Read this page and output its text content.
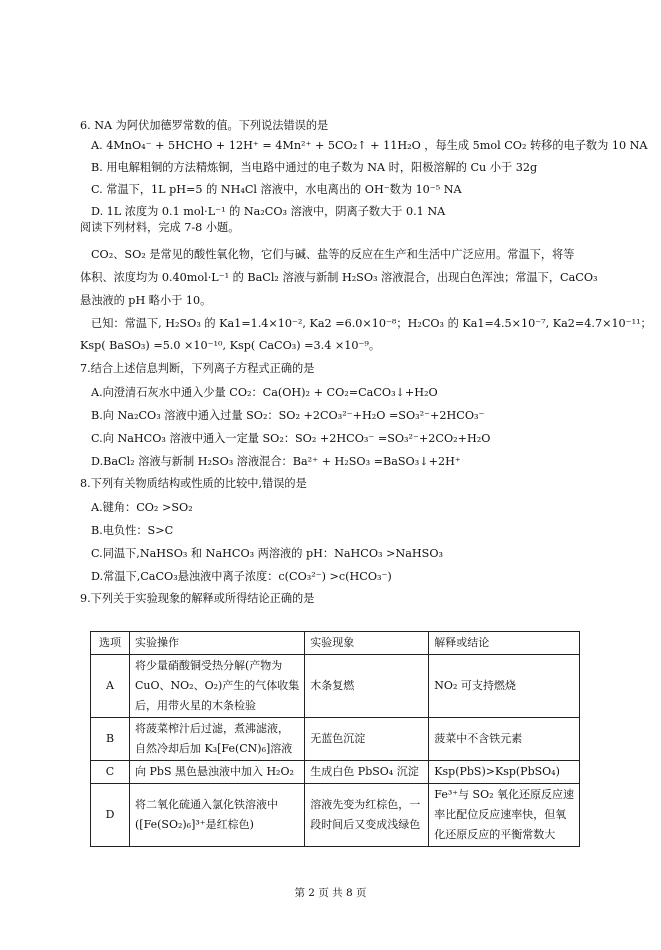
6. NA 为阿伏加德罗常数的值。下列说法错误的是
A. 4MnO₄⁻ + 5HCHO + 12H⁺ = 4Mn²⁺ + 5CO₂↑ + 11H₂O ，每生成 5mol CO₂ 转移的电子数为 10 NA
B. 用电解粗铜的方法精炼铜，当电路中通过的电子数为 NA 时，阳极溶解的 Cu 小于 32g
C. 常温下，1L pH=5 的 NH₄Cl 溶液中，水电离出的 OH⁻数为 10⁻⁵ NA
D. 1L 浓度为 0.1 mol·L⁻¹ 的 Na₂CO₃ 溶液中，阴离子数大于 0.1 NA
阅读下列材料，完成 7-8 小题。
CO₂、SO₂ 是常见的酸性氧化物，它们与碱、盐等的反应在生产和生活中广泛应用。常温下，将等
体积、浓度均为 0.40mol·L⁻¹ 的 BaCl₂ 溶液与新制 H₂SO₃ 溶液混合，出现白色浑浊；常温下，CaCO₃
悬浊液的 pH 略小于 10。
已知：常温下, H₂SO₃ 的 Ka1=1.4×10⁻², Ka2 =6.0×10⁻⁸；H₂CO₃ 的 Ka1=4.5×10⁻⁷, Ka2=4.7×10⁻¹¹；
Ksp( BaSO₃) =5.0 ×10⁻¹⁰, Ksp( CaCO₃) =3.4 ×10⁻⁹。
7.结合上述信息判断，下列离子方程式正确的是
A.向澄清石灰水中通入少量 CO₂：Ca(OH)₂ + CO₂=CaCO₃↓+H₂O
B.向 Na₂CO₃ 溶液中通入过量 SO₂：SO₂ +2CO₃²⁻+H₂O =SO₃²⁻+2HCO₃⁻
C.向 NaHCO₃ 溶液中通入一定量 SO₂：SO₂ +2HCO₃⁻ =SO₃²⁻+2CO₂+H₂O
D.BaCl₂ 溶液与新制 H₂SO₃ 溶液混合：Ba²⁺ + H₂SO₃ =BaSO₃↓+2H⁺
8.下列有关物质结构或性质的比较中,错误的是
A.键角：CO₂ >SO₂
B.电负性：S>C
C.同温下,NaHSO₃ 和 NaHCO₃ 两溶液的 pH：NaHCO₃ >NaHSO₃
D.常温下,CaCO₃悬浊液中离子浓度：c(CO₃²⁻) >c(HCO₃⁻)
9.下列关于实验现象的解释或所得结论正确的是
选项	实验操作	实验现象	解释或结论
A	将少量硝酸铜受热分解(产物为
CuO、NO₂、O₂)产生的气体收集
后，用带火星的木条检验	木条复燃	NO₂ 可支持燃烧

B	将菠菜榨汁后过滤，煮沸滤液，
自然冷却后加 K₃[Fe(CN)₆]溶液	无蓝色沉淀	菠菜中不含铁元素

C	向 PbS 黑色悬浊液中加入 H₂O₂	生成白色 PbSO₄ 沉淀	Ksp(PbS)>Ksp(PbSO₄)

D	将二氧化硫通入氯化铁溶液中
([Fe(SO₂)₆]³⁺是红棕色)	溶液先变为红棕色，一
段时间后又变成浅绿色	Fe³⁺与 SO₂ 氧化还原反应速
率比配位反应速率快，但氧
化还原反应的平衡常数大
第 2 页 共 8 页
